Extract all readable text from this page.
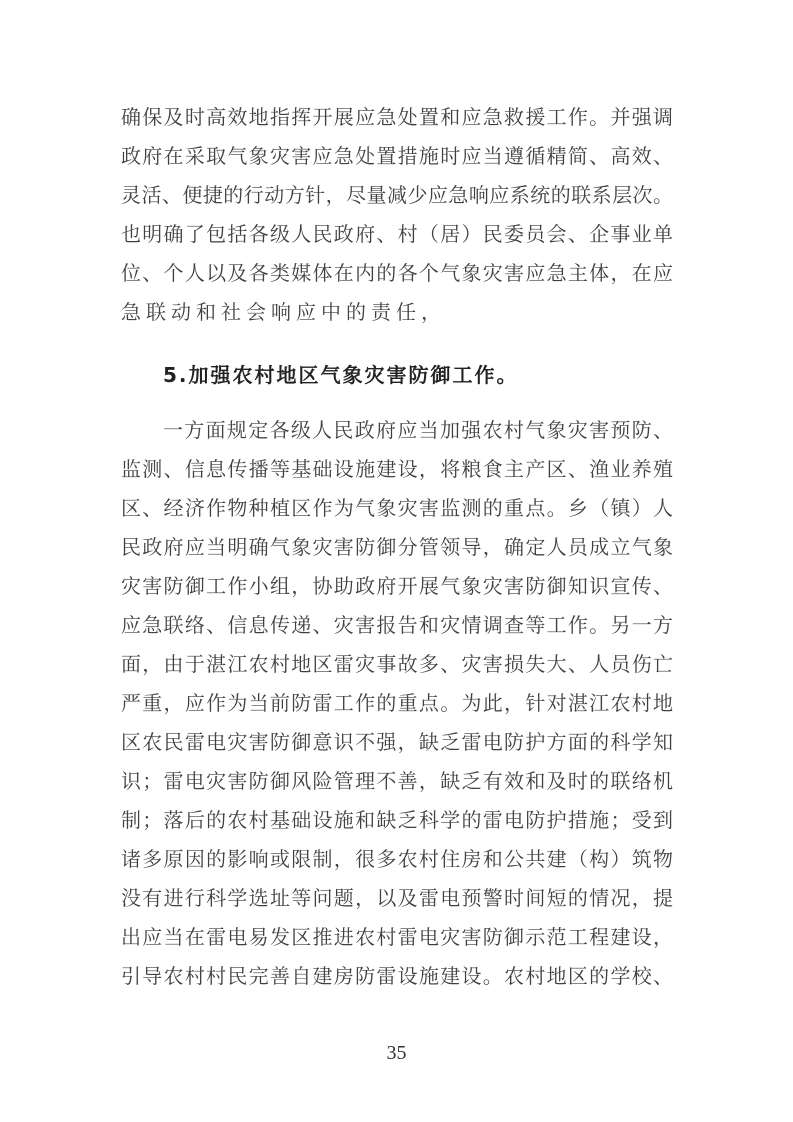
确保及时高效地指挥开展应急处置和应急救援工作。并强调
政府在采取气象灾害应急处置措施时应当遵循精简、高效、
灵活、便捷的行动方针，尽量减少应急响应系统的联系层次。
也明确了包括各级人民政府、村（居）民委员会、企事业单
位、个人以及各类媒体在内的各个气象灾害应急主体，在应
急联动和社会响应中的责任，
5.加强农村地区气象灾害防御工作。
一方面规定各级人民政府应当加强农村气象灾害预防、
监测、信息传播等基础设施建设，将粮食主产区、渔业养殖
区、经济作物种植区作为气象灾害监测的重点。乡（镇）人
民政府应当明确气象灾害防御分管领导，确定人员成立气象
灾害防御工作小组，协助政府开展气象灾害防御知识宣传、
应急联络、信息传递、灾害报告和灾情调查等工作。另一方
面，由于湛江农村地区雷灾事故多、灾害损失大、人员伤亡
严重，应作为当前防雷工作的重点。为此，针对湛江农村地
区农民雷电灾害防御意识不强，缺乏雷电防护方面的科学知
识；雷电灾害防御风险管理不善，缺乏有效和及时的联络机
制；落后的农村基础设施和缺乏科学的雷电防护措施；受到
诸多原因的影响或限制，很多农村住房和公共建（构）筑物
没有进行科学选址等问题，以及雷电预警时间短的情况，提
出应当在雷电易发区推进农村雷电灾害防御示范工程建设，
引导农村村民完善自建房防雷设施建设。农村地区的学校、
35
